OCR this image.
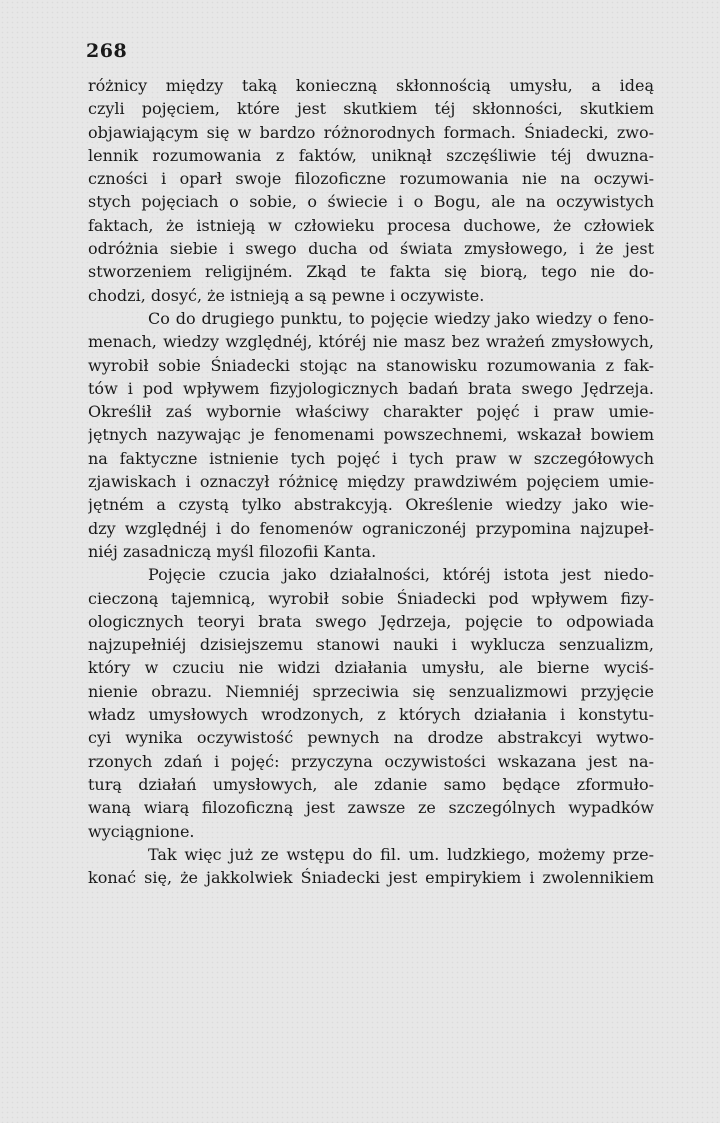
268
różnicy między taką konieczną skłonnością umysłu, a ideą
czyli pojęciem, które jest skutkiem téj skłonności, skutkiem
objawiającym się w bardzo różnorodnych formach. Śniadecki, zwo-
lennik rozumowania z faktów, uniknął szczęśliwie téj dwuzna-
czności i oparł swoje filozoficzne rozumowania nie na oczywi-
stych pojęciach o sobie, o świecie i o Bogu, ale na oczywistych
faktach, że istnieją w człowieku procesa duchowe, że człowiek
odróżnia siebie i swego ducha od świata zmysłowego, i że jest
stworzeniem religijném. Zkąd te fakta się biorą, tego nie do-
chodzi, dosyć, że istnieją a są pewne i oczywiste.
Co do drugiego punktu, to pojęcie wiedzy jako wiedzy o feno-
menach, wiedzy względnéj, któréj nie masz bez wrażeń zmysłowych,
wyrobił sobie Śniadecki stojąc na stanowisku rozumowania z fak-
tów i pod wpływem fizyjologicznych badań brata swego Jędrzeja.
Określił zaś wybornie właściwy charakter pojęć i praw umie-
jętnych nazywając je fenomenami powszechnemi, wskazał bowiem
na faktyczne istnienie tych pojęć i tych praw w szczegółowych
zjawiskach i oznaczył różnicę między prawdziwém pojęciem umie-
jętném a czystą tylko abstrakcyją. Określenie wiedzy jako wie-
dzy względnéj i do fenomenów ograniczonéj przypomina najzupeł-
niéj zasadniczą myśl filozofii Kanta.
Pojęcie czucia jako działalności, któréj istota jest niedo-
cieczoną tajemnicą, wyrobił sobie Śniadecki pod wpływem fizy-
ologicznych teoryi brata swego Jędrzeja, pojęcie to odpowiada
najzupełniéj dzisiejszemu stanowi nauki i wyklucza senzualizm,
który w czuciu nie widzi działania umysłu, ale bierne wyciś-
nienie obrazu. Niemniéj sprzeciwia się senzualizmowi przyjęcie
władz umysłowych wrodzonych, z których działania i konstytu-
cyi wynika oczywistość pewnych na drodze abstrakcyi wytwo-
rzonych zdań i pojęć: przyczyna oczywistości wskazana jest na-
turą działań umysłowych, ale zdanie samo będące zformuło-
waną wiarą filozoficzną jest zawsze ze szczególnych wypadków
wyciągnione.
Tak więc już ze wstępu do fil. um. ludzkiego, możemy prze-
konać się, że jakkolwiek Śniadecki jest empirykiem i zwolennikiem
